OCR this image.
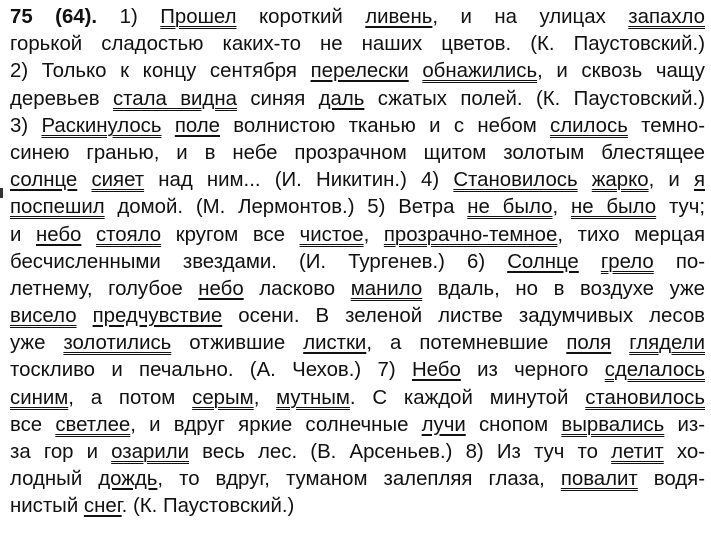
75 (64). 1) Прошел короткий ливень, и на улицах запахло
горькой сладостью каких-то не наших цветов. (К. Паустовский.)
2) Только к концу сентября перелески обнажились, и сквозь чащу
деревьев стала видна синяя даль сжатых полей. (К. Паустовский.)
3) Раскинулось поле волнистою тканью и с небом слилось темно-
синею гранью, и в небе прозрачном щитом золотым блестящее
солнце сияет над ним... (И. Никитин.) 4) Становилось жарко, и я
поспешил домой. (М. Лермонтов.) 5) Ветра не было, не было туч;
и небо стояло кругом все чистое, прозрачно-темное, тихо мерцая
бесчисленными звездами. (И. Тургенев.) 6) Солнце грело по-
летнему, голубое небо ласково манило вдаль, но в воздухе уже
висело предчувствие осени. В зеленой листве задумчивых лесов
уже золотились отжившие листки, а потемневшие поля глядели
тоскливо и печально. (А. Чехов.) 7) Небо из черного сделалось
синим, а потом серым, мутным. С каждой минутой становилось
все светлее, и вдруг яркие солнечные лучи снопом вырвались из-
за гор и озарили весь лес. (В. Арсеньев.) 8) Из туч то летит хо-
лодный дождь, то вдруг, туманом залепляя глаза, повалит водя-
нистый снег. (К. Паустовский.)
